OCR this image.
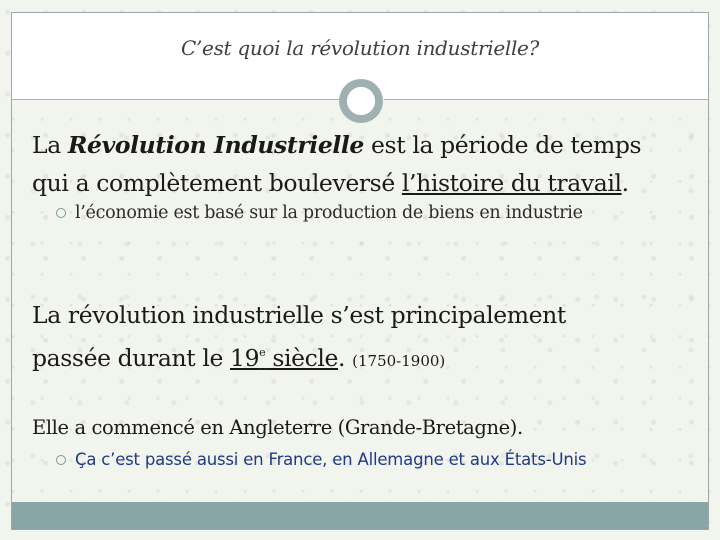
C’est quoi la révolution industrielle?
La Révolution Industrielle est la période de temps
qui a complètement bouleversé l’histoire du travail.
l’économie est basé sur la production de biens en industrie
La révolution industrielle s’est principalement
passée durant le 19e siècle. (1750-1900)
Elle a commencé en Angleterre (Grande-Bretagne).
Ça c’est passé aussi en France, en Allemagne et aux États-Unis
